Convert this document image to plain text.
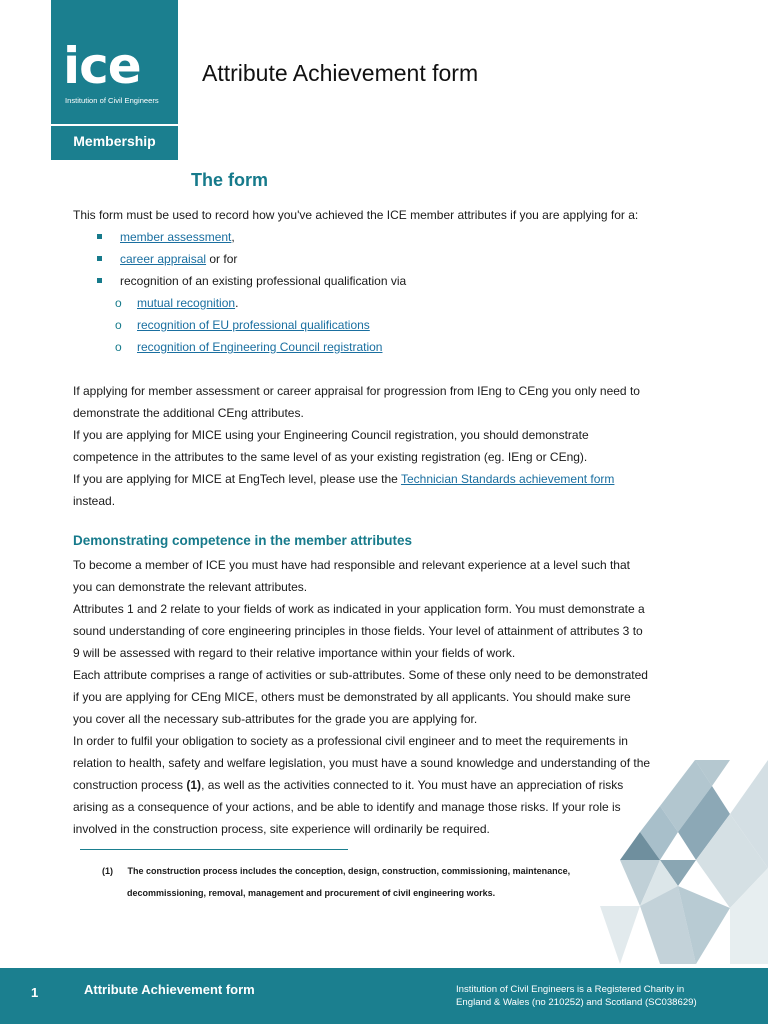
ice
Institution of Civil Engineers
Membership
Attribute Achievement form
The form
This form must be used to record how you've achieved the ICE member attributes if you are applying for a:
member assessment,
career appraisal or for
recognition of an existing professional qualification via
o mutual recognition.
o recognition of EU professional qualifications
o recognition of Engineering Council registration
If applying for member assessment or career appraisal for progression from IEng to CEng you only need to
demonstrate the additional CEng attributes.
If you are applying for MICE using your Engineering Council registration, you should demonstrate
competence in the attributes to the same level of as your existing registration (eg. IEng or CEng).
If you are applying for MICE at EngTech level, please use the Technician Standards achievement form
instead.
Demonstrating competence in the member attributes
To become a member of ICE you must have had responsible and relevant experience at a level such that
you can demonstrate the relevant attributes.
Attributes 1 and 2 relate to your fields of work as indicated in your application form. You must demonstrate a
sound understanding of core engineering principles in those fields. Your level of attainment of attributes 3 to
9 will be assessed with regard to their relative importance within your fields of work.
Each attribute comprises a range of activities or sub-attributes. Some of these only need to be demonstrated
if you are applying for CEng MICE, others must be demonstrated by all applicants. You should make sure
you cover all the necessary sub-attributes for the grade you are applying for.
In order to fulfil your obligation to society as a professional civil engineer and to meet the requirements in
relation to health, safety and welfare legislation, you must have a sound knowledge and understanding of the
construction process (1), as well as the activities connected to it. You must have an appreciation of risks
arising as a consequence of your actions, and be able to identify and manage those risks. If your role is
involved in the construction process, site experience will ordinarily be required.
(1) The construction process includes the conception, design, construction, commissioning, maintenance,
decommissioning, removal, management and procurement of civil engineering works.
1	Attribute Achievement form	Institution of Civil Engineers is a Registered Charity in
England & Wales (no 210252) and Scotland (SC038629)
